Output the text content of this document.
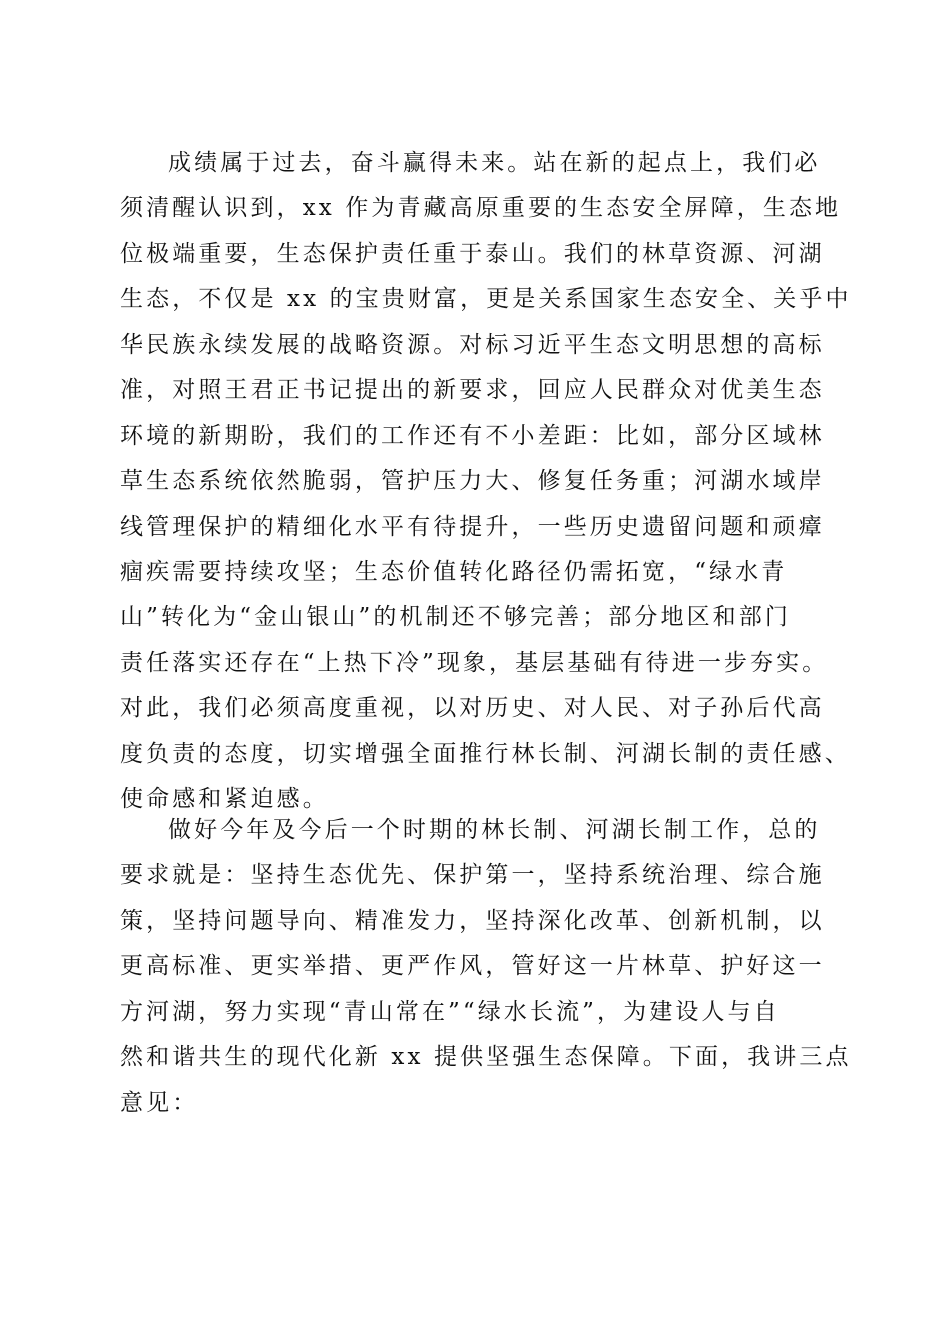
成绩属于过去，奋斗赢得未来。站在新的起点上，我们必
须清醒认识到，xx 作为青藏高原重要的生态安全屏障，生态地
位极端重要，生态保护责任重于泰山。我们的林草资源、河湖
生态，不仅是 xx 的宝贵财富，更是关系国家生态安全、关乎中
华民族永续发展的战略资源。对标习近平生态文明思想的高标
准，对照王君正书记提出的新要求，回应人民群众对优美生态
环境的新期盼，我们的工作还有不小差距：比如，部分区域林
草生态系统依然脆弱，管护压力大、修复任务重；河湖水域岸
线管理保护的精细化水平有待提升，一些历史遗留问题和顽瘴
痼疾需要持续攻坚；生态价值转化路径仍需拓宽，“绿水青
山”转化为“金山银山”的机制还不够完善；部分地区和部门
责任落实还存在“上热下冷”现象，基层基础有待进一步夯实。
对此，我们必须高度重视，以对历史、对人民、对子孙后代高
度负责的态度，切实增强全面推行林长制、河湖长制的责任感、
使命感和紧迫感。
做好今年及今后一个时期的林长制、河湖长制工作，总的
要求就是：坚持生态优先、保护第一，坚持系统治理、综合施
策，坚持问题导向、精准发力，坚持深化改革、创新机制，以
更高标准、更实举措、更严作风，管好这一片林草、护好这一
方河湖，努力实现“青山常在”“绿水长流”，为建设人与自
然和谐共生的现代化新 xx 提供坚强生态保障。下面，我讲三点
意见：
